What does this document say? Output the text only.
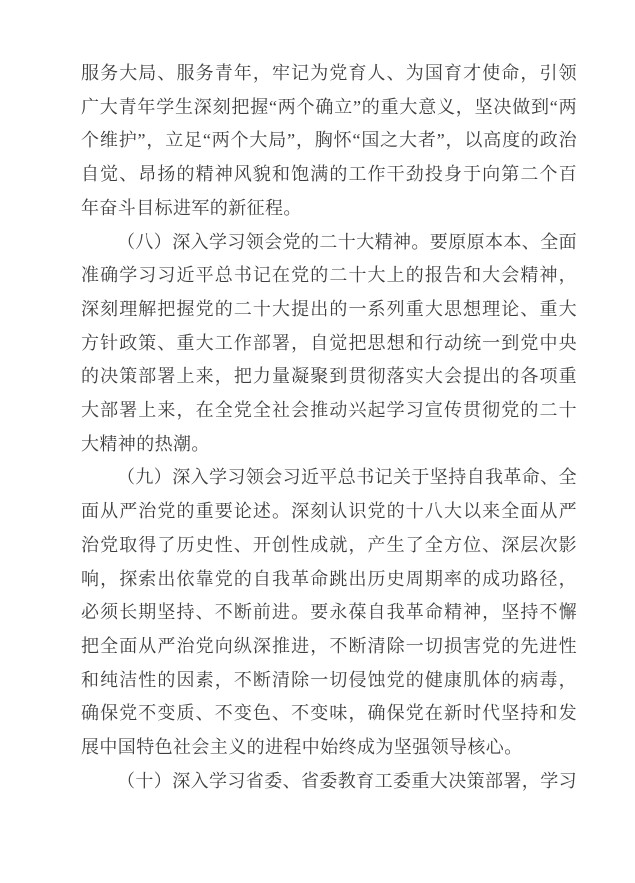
服务大局、服务青年，牢记为党育人、为国育才使命，引领广大青年学生深刻把握“两个确立”的重大意义，坚决做到“两个维护”，立足“两个大局”，胸怀“国之大者”，以高度的政治自觉、昂扬的精神风貌和饱满的工作干劲投身于向第二个百年奋斗目标进军的新征程。

（八）深入学习领会党的二十大精神。要原原本本、全面准确学习习近平总书记在党的二十大上的报告和大会精神，深刻理解把握党的二十大提出的一系列重大思想理论、重大方针政策、重大工作部署，自觉把思想和行动统一到党中央的决策部署上来，把力量凝聚到贯彻落实大会提出的各项重大部署上来，在全党全社会推动兴起学习宣传贯彻党的二十大精神的热潮。

（九）深入学习领会习近平总书记关于坚持自我革命、全面从严治党的重要论述。深刻认识党的十八大以来全面从严治党取得了历史性、开创性成就，产生了全方位、深层次影响，探索出依靠党的自我革命跳出历史周期率的成功路径，必须长期坚持、不断前进。要永葆自我革命精神，坚持不懈把全面从严治党向纵深推进，不断清除一切损害党的先进性和纯洁性的因素，不断清除一切侵蚀党的健康肌体的病毒，确保党不变质、不变色、不变味，确保党在新时代坚持和发展中国特色社会主义的进程中始终成为坚强领导核心。

（十）深入学习省委、省委教育工委重大决策部署，学习
